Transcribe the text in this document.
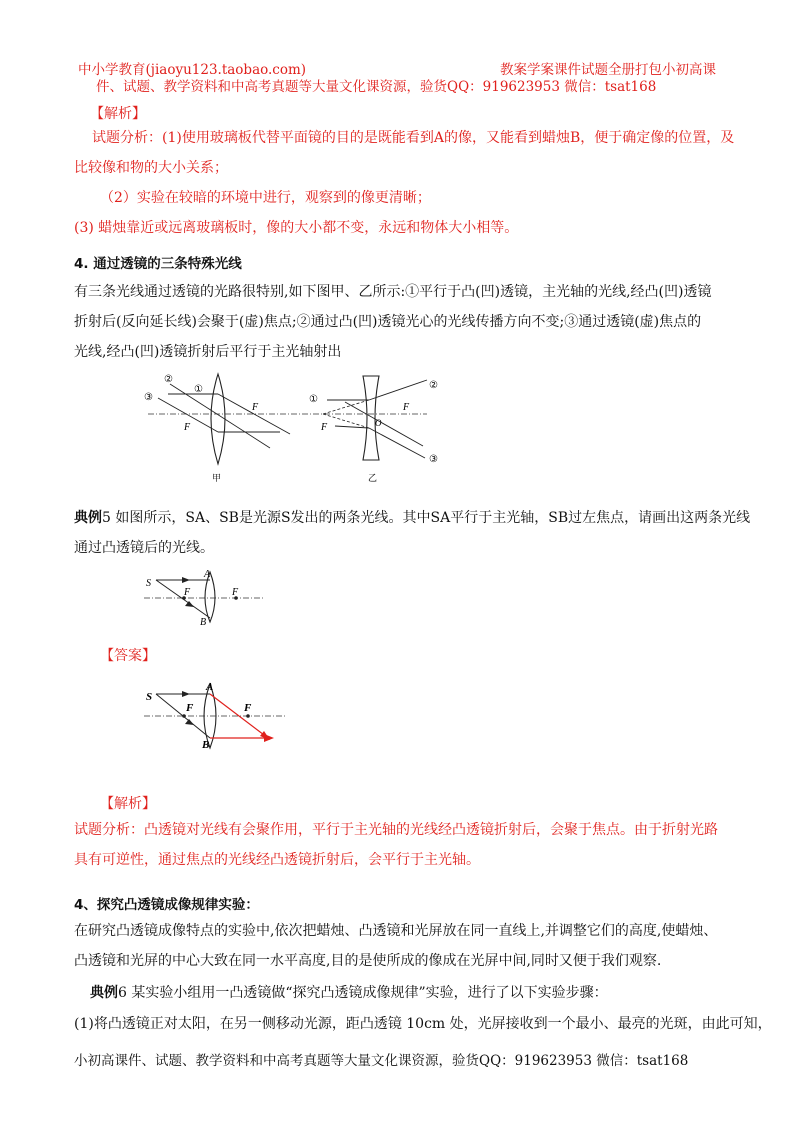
中小学教育(jiaoyu123.taobao.com)	教案学案课件试题全册打包小初高课
件、试题、教学资料和中高考真题等大量文化课资源，验货QQ：919623953 微信：tsat168
【解析】
试题分析：(1)使用玻璃板代替平面镜的目的是既能看到A的像，又能看到蜡烛B，便于确定像的位置，及
比较像和物的大小关系；
（2）实验在较暗的环境中进行，观察到的像更清晰；
(3) 蜡烛靠近或远离玻璃板时，像的大小都不变，永远和物体大小相等。
4. 通过透镜的三条特殊光线
有三条光线通过透镜的光路很特别,如下图甲、乙所示:①平行于凸(凹)透镜，主光轴的光线,经凸(凹)透镜
折射后(反向延长线)会聚于(虚)焦点;②通过凸(凹)透镜光心的光线传播方向不变;③通过透镜(虚)焦点的
光线,经凸(凹)透镜折射后平行于主光轴射出
②
①
③
F
F
甲
①
②
③
F
F
O
乙
典例5 如图所示，SA、SB是光源S发出的两条光线。其中SA平行于主光轴，SB过左焦点，请画出这两条光线
通过凸透镜后的光线。
S
A
B
F	F
【答案】
S
A
B
F	F
【解析】
试题分析：凸透镜对光线有会聚作用，平行于主光轴的光线经凸透镜折射后，会聚于焦点。由于折射光路
具有可逆性，通过焦点的光线经凸透镜折射后，会平行于主光轴。
4、探究凸透镜成像规律实验：
在研究凸透镜成像特点的实验中,依次把蜡烛、凸透镜和光屏放在同一直线上,并调整它们的高度,使蜡烛、
凸透镜和光屏的中心大致在同一水平高度,目的是使所成的像成在光屏中间,同时又便于我们观察.
典例6 某实验小组用一凸透镜做“探究凸透镜成像规律”实验，进行了以下实验步骤：
(1)将凸透镜正对太阳，在另一侧移动光源，距凸透镜 10cm 处，光屏接收到一个最小、最亮的光斑，由此可知，
小初高课件、试题、教学资料和中高考真题等大量文化课资源，验货QQ：919623953 微信：tsat168
